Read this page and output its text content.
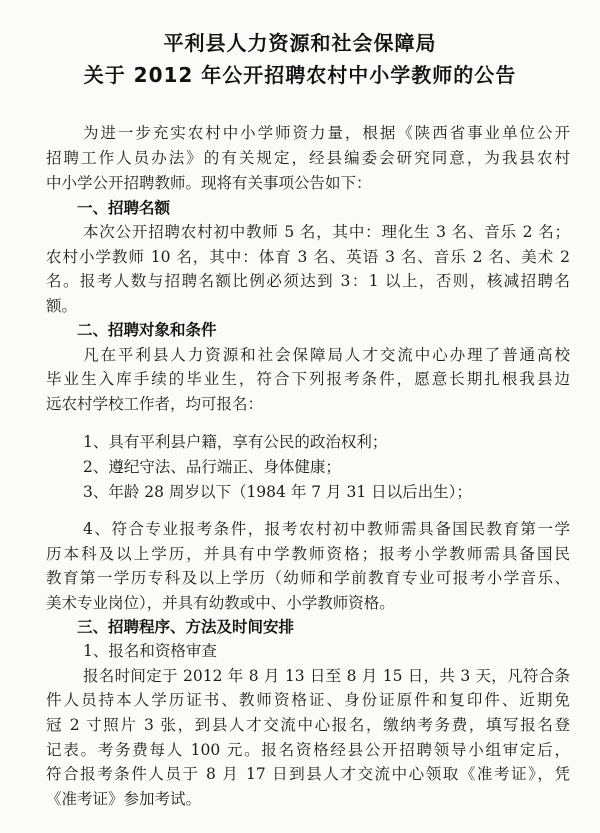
平利县人力资源和社会保障局
关于 2012 年公开招聘农村中小学教师的公告
为进一步充实农村中小学师资力量，根据《陕西省事业单位公开
招聘工作人员办法》的有关规定，经县编委会研究同意，为我县农村
中小学公开招聘教师。现将有关事项公告如下：
一、招聘名额
本次公开招聘农村初中教师 5 名，其中：理化生 3 名、音乐 2 名；
农村小学教师 10 名，其中：体育 3 名、英语 3 名、音乐 2 名、美术 2
名。报考人数与招聘名额比例必须达到 3：1 以上，否则，核减招聘名
额。
二、招聘对象和条件
凡在平利县人力资源和社会保障局人才交流中心办理了普通高校
毕业生入库手续的毕业生，符合下列报考条件，愿意长期扎根我县边
远农村学校工作者，均可报名：
1、具有平利县户籍，享有公民的政治权利；
2、遵纪守法、品行端正、身体健康；
3、年龄 28 周岁以下（1984 年 7 月 31 日以后出生）；
4、符合专业报考条件，报考农村初中教师需具备国民教育第一学
历本科及以上学历，并具有中学教师资格；报考小学教师需具备国民
教育第一学历专科及以上学历（幼师和学前教育专业可报考小学音乐、
美术专业岗位），并具有幼教或中、小学教师资格。
三、招聘程序、方法及时间安排
1、报名和资格审查
报名时间定于 2012 年 8 月 13 日至 8 月 15 日，共 3 天，凡符合条
件人员持本人学历证书、教师资格证、身份证原件和复印件、近期免
冠 2 寸照片 3 张，到县人才交流中心报名，缴纳考务费，填写报名登
记表。考务费每人 100 元。报名资格经县公开招聘领导小组审定后，
符合报考条件人员于 8 月 17 日到县人才交流中心领取《准考证》，凭
《准考证》参加考试。
